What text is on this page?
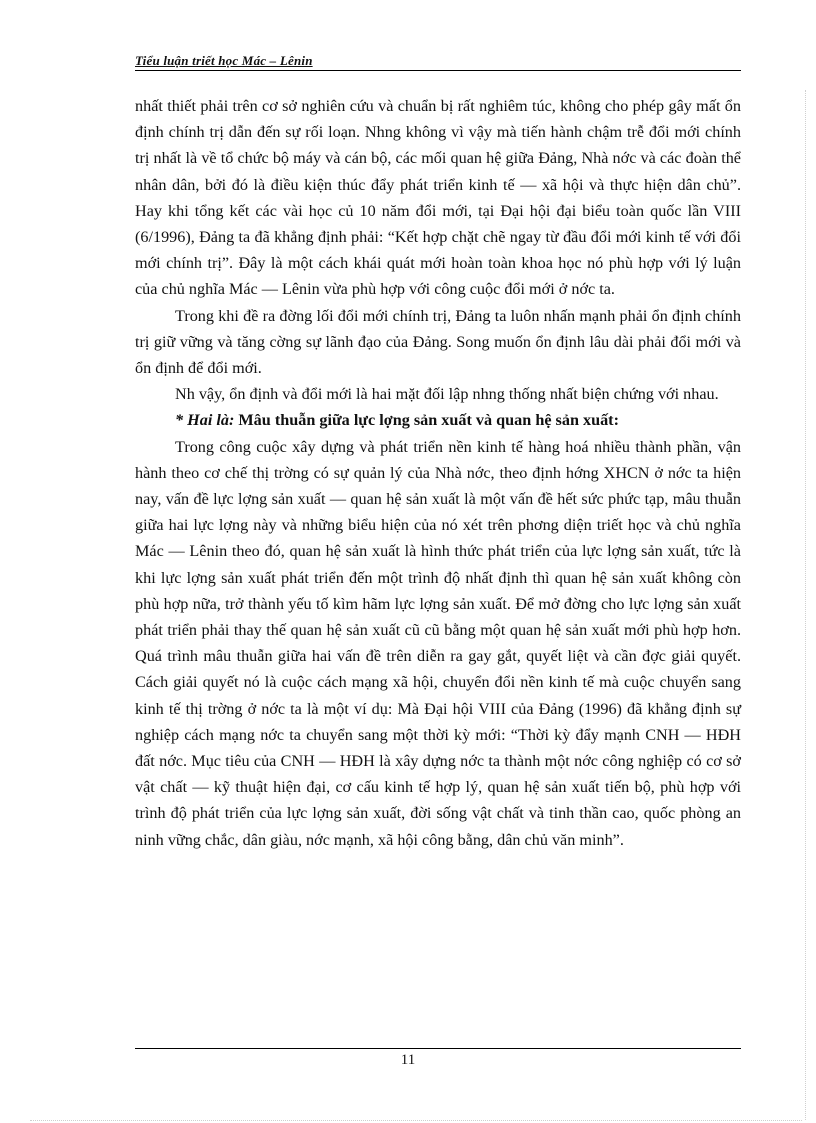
Tiểu luận triết học Mác – Lênin

nhất thiết phải trên cơ sở nghiên cứu và chuẩn bị rất nghiêm túc, không cho phép gây mất ổn định chính trị dẫn đến sự rối loạn. Nhng không vì vậy mà tiến hành chậm trễ đổi mới chính trị nhất là về tổ chức bộ máy và cán bộ, các mối quan hệ giữa Đảng, Nhà nớc và các đoàn thể nhân dân, bởi đó là điều kiện thúc đẩy phát triển kinh tế — xã hội và thực hiện dân chủ”. Hay khi tổng kết các vài học củ 10 năm đổi mới, tại Đại hội đại biểu toàn quốc lần VIII (6/1996), Đảng ta đã khẳng định phải: “Kết hợp chặt chẽ ngay từ đầu đổi mới kinh tế với đổi mới chính trị”. Đây là một cách khái quát mới hoàn toàn khoa học nó phù hợp với lý luận của chủ nghĩa Mác — Lênin vừa phù hợp với công cuộc đổi mới ở nớc ta.

Trong khi đề ra đờng lối đổi mới chính trị, Đảng ta luôn nhấn mạnh phải ổn định chính trị giữ vững và tăng cờng sự lãnh đạo của Đảng. Song muốn ổn định lâu dài phải đổi mới và ổn định để đổi mới.

Nh vậy, ổn định và đổi mới là hai mặt đối lập nhng thống nhất biện chứng với nhau.

* Hai là: Mâu thuẫn giữa lực lợng sản xuất và quan hệ sản xuất:

Trong công cuộc xây dựng và phát triển nền kinh tế hàng hoá nhiều thành phần, vận hành theo cơ chế thị trờng có sự quản lý của Nhà nớc, theo định hớng XHCN ở nớc ta hiện nay, vấn đề lực lợng sản xuất — quan hệ sản xuất là một vấn đề hết sức phức tạp, mâu thuẫn giữa hai lực lợng này và những biểu hiện của nó xét trên phơng diện triết học và chủ nghĩa Mác — Lênin theo đó, quan hệ sản xuất là hình thức phát triển của lực lợng sản xuất, tức là khi lực lợng sản xuất phát triển đến một trình độ nhất định thì quan hệ sản xuất không còn phù hợp nữa, trở thành yếu tố kìm hãm lực lợng sản xuất. Để mở đờng cho lực lợng sản xuất phát triển phải thay thế quan hệ sản xuất cũ cũ bằng một quan hệ sản xuất mới phù hợp hơn. Quá trình mâu thuẫn giữa hai vấn đề trên diễn ra gay gắt, quyết liệt và cần đợc giải quyết. Cách giải quyết nó là cuộc cách mạng xã hội, chuyển đổi nền kinh tế mà cuộc chuyển sang kinh tế thị trờng ở nớc ta là một ví dụ: Mà Đại hội VIII của Đảng (1996) đã khẳng định sự nghiệp cách mạng nớc ta chuyển sang một thời kỳ mới: “Thời kỳ đẩy mạnh CNH — HĐH đất nớc. Mục tiêu của CNH — HĐH là xây dựng nớc ta thành một nớc công nghiệp có cơ sở vật chất — kỹ thuật hiện đại, cơ cấu kinh tế hợp lý, quan hệ sản xuất tiến bộ, phù hợp với trình độ phát triển của lực lợng sản xuất, đời sống vật chất và tinh thần cao, quốc phòng an ninh vững chắc, dân giàu, nớc mạnh, xã hội công bằng, dân chủ văn minh”.

11
